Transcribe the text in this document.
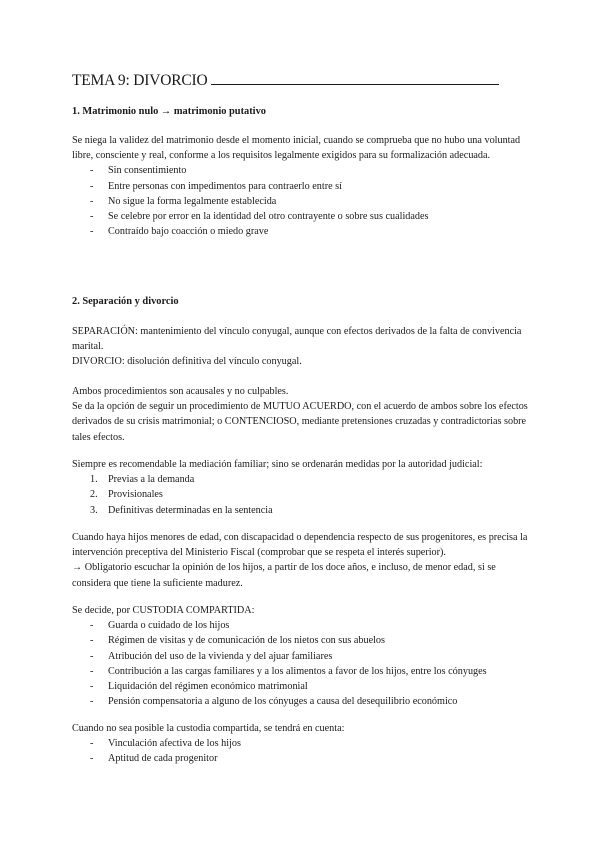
TEMA 9: DIVORCIO

1. Matrimonio nulo → matrimonio putativo

Se niega la validez del matrimonio desde el momento inicial, cuando se comprueba que no hubo una voluntad libre, consciente y real, conforme a los requisitos legalmente exigidos para su formalización adecuada.

- Sin consentimiento
- Entre personas con impedimentos para contraerlo entre sí
- No sigue la forma legalmente establecida
- Se celebre por error en la identidad del otro contrayente o sobre sus cualidades
- Contraído bajo coacción o miedo grave

2. Separación y divorcio

SEPARACIÓN: mantenimiento del vínculo conyugal, aunque con efectos derivados de la falta de convivencia marital.

DIVORCIO: disolución definitiva del vínculo conyugal.

Ambos procedimientos son acausales y no culpables.

Se da la opción de seguir un procedimiento de MUTUO ACUERDO, con el acuerdo de ambos sobre los efectos derivados de su crisis matrimonial; o CONTENCIOSO, mediante pretensiones cruzadas y contradictorias sobre tales efectos.

Siempre es recomendable la mediación familiar; sino se ordenarán medidas por la autoridad judicial:

1. Previas a la demanda
2. Provisionales
3. Definitivas determinadas en la sentencia

Cuando haya hijos menores de edad, con discapacidad o dependencia respecto de sus progenitores, es precisa la intervención preceptiva del Ministerio Fiscal (comprobar que se respeta el interés superior).

→ Obligatorio escuchar la opinión de los hijos, a partir de los doce años, e incluso, de menor edad, si se considera que tiene la suficiente madurez.

Se decide, por CUSTODIA COMPARTIDA:

- Guarda o cuidado de los hijos
- Régimen de visitas y de comunicación de los nietos con sus abuelos
- Atribución del uso de la vivienda y del ajuar familiares
- Contribución a las cargas familiares y a los alimentos a favor de los hijos, entre los cónyuges
- Liquidación del régimen económico matrimonial
- Pensión compensatoria a alguno de los cónyuges a causa del desequilibrio económico

Cuando no sea posible la custodia compartida, se tendrá en cuenta:

- Vinculación afectiva de los hijos
- Aptitud de cada progenitor
